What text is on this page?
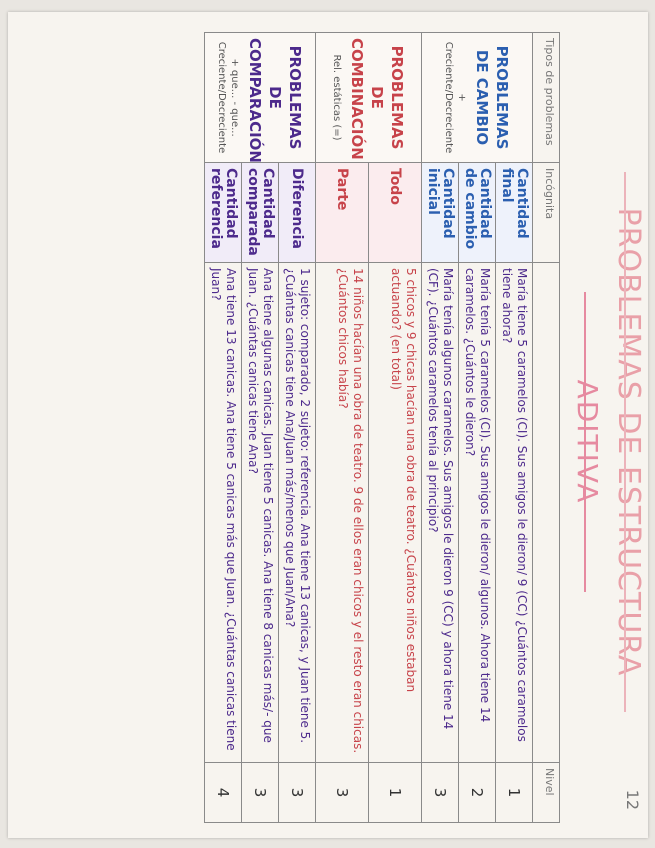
12
PROBLEMAS DE ESTRUCTURA
ADITIVA
Tipos de problemas	Incógnita		Nivel
PROBLEMAS DE CAMBIO
+ Creciente/Decreciente	Cantidad final	María tiene 5 caramelos (CI). Sus amigos le dieron/ 9 (CC) ¿Cuántos caramelos tiene ahora?	1
	Cantidad de cambio	María tenía 5 caramelos (CI). Sus amigos le dieron/ algunos. Ahora tiene 14 caramelos. ¿Cuántos le dieron?	2
	Cantidad inicial	María tenía algunos caramelos. Sus amigos le dieron 9 (CC) y ahora tiene 14 (CF). ¿Cuántos caramelos tenía al principio?	3
PROBLEMAS DE COMBINACIÓN
Rel. estáticas (=)	Todo	5 chicos y 9 chicas hacían una obra de teatro. ¿Cuántos niños estaban actuando? (en total)	1
	Parte	14 niños hacían una obra de teatro. 9 de ellos eran chicos y el resto eran chicas. ¿Cuántos chicos había?	3
PROBLEMAS DE COMPARACIÓN
+ que... - que... Creciente/Decreciente	Diferencia	1 sujeto: comparado, 2 sujeto: referencia. Ana tiene 13 canicas, y Juan tiene 5. ¿Cuántas canicas tiene Ana/Juan más/menos que Juan/Ana?	3
	Cantidad comparada	Ana tiene algunas canicas. Juan tiene 5 canicas. Ana tiene 8 canicas más/- que Juan. ¿Cuántas canicas tiene Ana?	3
	Cantidad referencia	Ana tiene 13 canicas. Ana tiene 5 canicas más que Juan. ¿Cuántas canicas tiene Juan?	4
